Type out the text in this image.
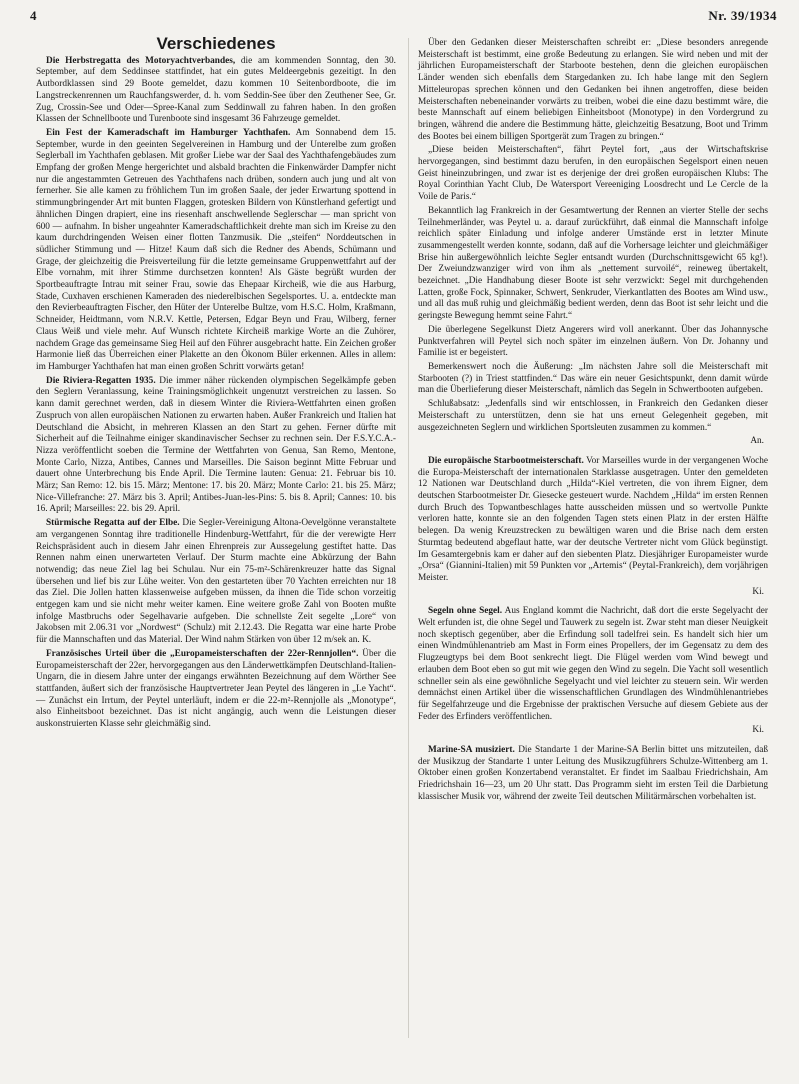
4	Nr. 39/1934
Verschiedenes

Die Herbstregatta des Motoryachtverbandes, die am kommenden Sonntag, den 30. September, auf dem Seddinsee stattfindet, hat ein gutes Meldeergebnis gezeitigt. In den Autbordklassen sind 29 Boote gemeldet, dazu kommen 10 Seitenbordboote, die im Langstreckenrennen um Rauchfangswerder, d. h. vom Seddin-See über den Zeuthener See, Gr. Zug, Crossin-See und Oder—Spree-Kanal zum Seddinwall zu fahren haben. In den großen Klassen der Schnellboote und Turenboote sind insgesamt 36 Fahrzeuge gemeldet.

Ein Fest der Kameradschaft im Hamburger Yachthafen. Am Sonnabend dem 15. September, wurde in den geeinten Segelvereinen in Hamburg und der Unterelbe zum großen Seglerball im Yachthafen geblasen. Mit großer Liebe war der Saal des Yachthafengebäudes zum Empfang der großen Menge hergerichtet und alsbald brachten die Finkenwärder Dampfer nicht nur die angestammten Getreuen des Yachthafens nach drüben, sondern auch jung und alt von fernerher. Sie alle kamen zu fröhlichem Tun im großen Saale, der jeder Erwartung spottend in stimmungbringender Art mit bunten Flaggen, grotesken Bildern von Künstlerhand gefertigt und ähnlichen Dingen drapiert, eine ins riesenhaft anschwellende Seglerschar — man spricht von 600 — aufnahm. In bisher ungeahnter Kameradschaftlichkeit drehte man sich im Kreise zu den kaum durchdringenden Weisen einer flotten Tanzmusik. Die „steifen“ Norddeutschen in südlicher Stimmung und — Hitze! Kaum daß sich die Redner des Abends, Schümann und Grage, der gleichzeitig die Preisverteilung für die letzte gemeinsame Gruppenwettfahrt auf der Elbe vornahm, mit ihrer Stimme durchsetzen konnten! Als Gäste begrüßt wurden der Sportbeauftragte Intrau mit seiner Frau, sowie das Ehepaar Kircheiß, wie die aus Harburg, Stade, Cuxhaven erschienen Kameraden des niederelbischen Segelsportes. U. a. entdeckte man den Revierbeauftragten Fischer, den Hüter der Unterelbe Bultze, vom H.S.C. Holm, Kraßmann, Schneider, Heidtmann, vom N.R.V. Kettle, Petersen, Edgar Beyn und Frau, Wilberg, ferner Claus Weiß und viele mehr. Auf Wunsch richtete Kircheiß markige Worte an die Zuhörer, nachdem Grage das gemeinsame Sieg Heil auf den Führer ausgebracht hatte. Ein Zeichen großer Harmonie ließ das Überreichen einer Plakette an den Ökonom Büler erkennen. Alles in allem: im Hamburger Yachthafen hat man einen großen Schritt vorwärts getan!

Die Riviera-Regatten 1935. Die immer näher rückenden olympischen Segelkämpfe geben den Seglern Veranlassung, keine Trainingsmöglichkeit ungenutzt verstreichen zu lassen. So kann damit gerechnet werden, daß in diesem Winter die Riviera-Wettfahrten einen großen Zuspruch von allen europäischen Nationen zu erwarten haben. Außer Frankreich und Italien hat Deutschland die Absicht, in mehreren Klassen an den Start zu gehen. Ferner dürfte mit Sicherheit auf die Teilnahme einiger skandinavischer Sechser zu rechnen sein. Der F.S.Y.C.A.-Nizza veröffentlicht soeben die Termine der Wettfahrten von Genua, San Remo, Mentone, Monte Carlo, Nizza, Antibes, Cannes und Marseilles. Die Saison beginnt Mitte Februar und dauert ohne Unterbrechung bis Ende April. Die Termine lauten: Genua: 21. Februar bis 10. März; San Remo: 12. bis 15. März; Mentone: 17. bis 20. März; Monte Carlo: 21. bis 25. März; Nice-Villefranche: 27. März bis 3. April; Antibes-Juan-les-Pins: 5. bis 8. April; Cannes: 10. bis 16. April; Marseilles: 22. bis 29. April.

Stürmische Regatta auf der Elbe. Die Segler-Vereinigung Altona-Oevelgönne veranstaltete am vergangenen Sonntag ihre traditionelle Hindenburg-Wettfahrt, für die der verewigte Herr Reichspräsident auch in diesem Jahr einen Ehrenpreis zur Aussegelung gestiftet hatte. Das Rennen nahm einen unerwarteten Verlauf. Der Sturm machte eine Abkürzung der Bahn notwendig; das neue Ziel lag bei Schulau. Nur ein 75-m²-Schärenkreuzer hatte das Signal übersehen und lief bis zur Lühe weiter. Von den gestarteten über 70 Yachten erreichten nur 18 das Ziel. Die Jollen hatten klassenweise aufgeben müssen, da ihnen die Tide schon vorzeitig entgegen kam und sie nicht mehr weiter kamen. Eine weitere große Zahl von Booten mußte infolge Mastbruchs oder Segelhavarie aufgeben. Die schnellste Zeit segelte „Lore“ von Jakobsen mit 2.06.31 vor „Nordwest“ (Schulz) mit 2.12.43. Die Regatta war eine harte Probe für die Mannschaften und das Material. Der Wind nahm Stärken von über 12 m/sek an. K.

Französisches Urteil über die „Europameisterschaften der 22er-Rennjollen“. Über die Europameisterschaft der 22er, hervorgegangen aus den Länderwettkämpfen Deutschland-Italien-Ungarn, die in diesem Jahre unter der eingangs erwähnten Bezeichnung auf dem Wörther See stattfanden, äußert sich der französische Hauptvertreter Jean Peytel des längeren in „Le Yacht“. — Zunächst ein Irrtum, der Peytel unterläuft, indem er die 22-m²-Rennjolle als „Monotype“, also Einheitsboot bezeichnet. Das ist nicht angängig, auch wenn die Leistungen dieser auskonstruierten Klasse sehr gleichmäßig sind.

Über den Gedanken dieser Meisterschaften schreibt er: „Diese besonders anregende Meisterschaft ist bestimmt, eine große Bedeutung zu erlangen. Sie wird neben und mit der jährlichen Europameisterschaft der Starboote bestehen, denn die gleichen europäischen Länder wenden sich ebenfalls dem Stargedanken zu. Ich habe lange mit den Seglern Mitteleuropas sprechen können und den Gedanken bei ihnen angetroffen, diese beiden Meisterschaften nebeneinander vorwärts zu treiben, wobei die eine dazu bestimmt wäre, die beste Mannschaft auf einem beliebigen Einheitsboot (Monotype) in den Vordergrund zu bringen, während die andere die Bestimmung hätte, gleichzeitig Besatzung, Boot und Trimm des Bootes bei einem billigen Sportgerät zum Tragen zu bringen.“

„Diese beiden Meisterschaften“, fährt Peytel fort, „aus der Wirtschaftskrise hervorgegangen, sind bestimmt dazu berufen, in den europäischen Segelsport einen neuen Geist hineinzubringen, und zwar ist es derjenige der drei großen europäischen Klubs: The Royal Corinthian Yacht Club, De Watersport Vereeniging Loosdrecht und Le Cercle de la Voile de Paris.“

Bekanntlich lag Frankreich in der Gesamtwertung der Rennen an vierter Stelle der sechs Teilnehmerländer, was Peytel u. a. darauf zurückführt, daß einmal die Mannschaft infolge reichlich später Einladung und infolge anderer Umstände erst in letzter Minute zusammengestellt werden konnte, sodann, daß auf die Vorhersage leichter und gleichmäßiger Brise hin außergewöhnlich leichte Segler entsandt wurden (Durchschnittsgewicht 65 kg!). Der Zweiundzwanziger wird von ihm als „nettement survoilé“, reineweg übertakelt, bezeichnet. „Die Handhabung dieser Boote ist sehr verzwickt: Segel mit durchgehenden Latten, große Fock, Spinnaker, Schwert, Senkruder, Vierkantlatten des Bootes am Wind usw., und all das muß ruhig und gleichmäßig bedient werden, denn das Boot ist sehr leicht und die geringste Bewegung hemmt seine Fahrt.“

Die überlegene Segelkunst Dietz Angerers wird voll anerkannt. Über das Johannysche Punktverfahren will Peytel sich noch später im einzelnen äußern. Von Dr. Johanny und Familie ist er begeistert.

Bemerkenswert noch die Äußerung: „Im nächsten Jahre soll die Meisterschaft mit Starbooten (?) in Triest stattfinden.“ Das wäre ein neuer Gesichtspunkt, denn damit würde man die Überlieferung dieser Meisterschaft, nämlich das Segeln in Schwertbooten aufgeben.

Schlußabsatz: „Jedenfalls sind wir entschlossen, in Frankreich den Gedanken dieser Meisterschaft zu unterstützen, denn sie hat uns erneut Gelegenheit gegeben, mit ausgezeichneten Seglern und wirklichen Sportsleuten zusammen zu kommen.“

An.

Die europäische Starbootmeisterschaft. Vor Marseilles wurde in der vergangenen Woche die Europa-Meisterschaft der internationalen Starklasse ausgetragen. Unter den gemeldeten 12 Nationen war Deutschland durch „Hilda“-Kiel vertreten, die von ihrem Eigner, dem deutschen Starbootmeister Dr. Giesecke gesteuert wurde. Nachdem „Hilda“ im ersten Rennen durch Bruch des Topwantbeschlages hatte ausscheiden müssen und so wertvolle Punkte verloren hatte, konnte sie an den folgenden Tagen stets einen Platz in der ersten Hälfte belegen. Da wenig Kreuzstrecken zu bewältigen waren und die Brise nach dem ersten Sturmtag bedeutend abgeflaut hatte, war der deutsche Vertreter nicht vom Glück begünstigt. Im Gesamtergebnis kam er daher auf den siebenten Platz. Diesjähriger Europameister wurde „Orsa“ (Giannini-Italien) mit 59 Punkten vor „Artemis“ (Peytal-Frankreich), dem vorjährigen Meister.

Ki.

Segeln ohne Segel. Aus England kommt die Nachricht, daß dort die erste Segelyacht der Welt erfunden ist, die ohne Segel und Tauwerk zu segeln ist. Zwar steht man dieser Neuigkeit noch skeptisch gegenüber, aber die Erfindung soll tadelfrei sein. Es handelt sich hier um einen Windmühlenantrieb am Mast in Form eines Propellers, der im Gegensatz zu dem des Flugzeugtyps bei dem Boot senkrecht liegt. Die Flügel werden vom Wind bewegt und erlauben dem Boot eben so gut mit wie gegen den Wind zu segeln. Die Yacht soll wesentlich schneller sein als eine gewöhnliche Segelyacht und viel leichter zu steuern sein. Wir werden demnächst einen Artikel über die wissenschaftlichen Grundlagen des Windmühlenantriebes für Segelfahrzeuge und die Ergebnisse der praktischen Versuche auf diesem Gebiete aus der Feder des Erfinders veröffentlichen.

Ki.

Marine-SA musiziert. Die Standarte 1 der Marine-SA Berlin bittet uns mitzuteilen, daß der Musikzug der Standarte 1 unter Leitung des Musikzugführers Schulze-Wittenberg am 1. Oktober einen großen Konzertabend veranstaltet. Er findet im Saalbau Friedrichshain, Am Friedrichshain 16—23, um 20 Uhr statt. Das Programm sieht im ersten Teil die Darbietung klassischer Musik vor, während der zweite Teil deutschen Militärmärschen vorbehalten ist.
